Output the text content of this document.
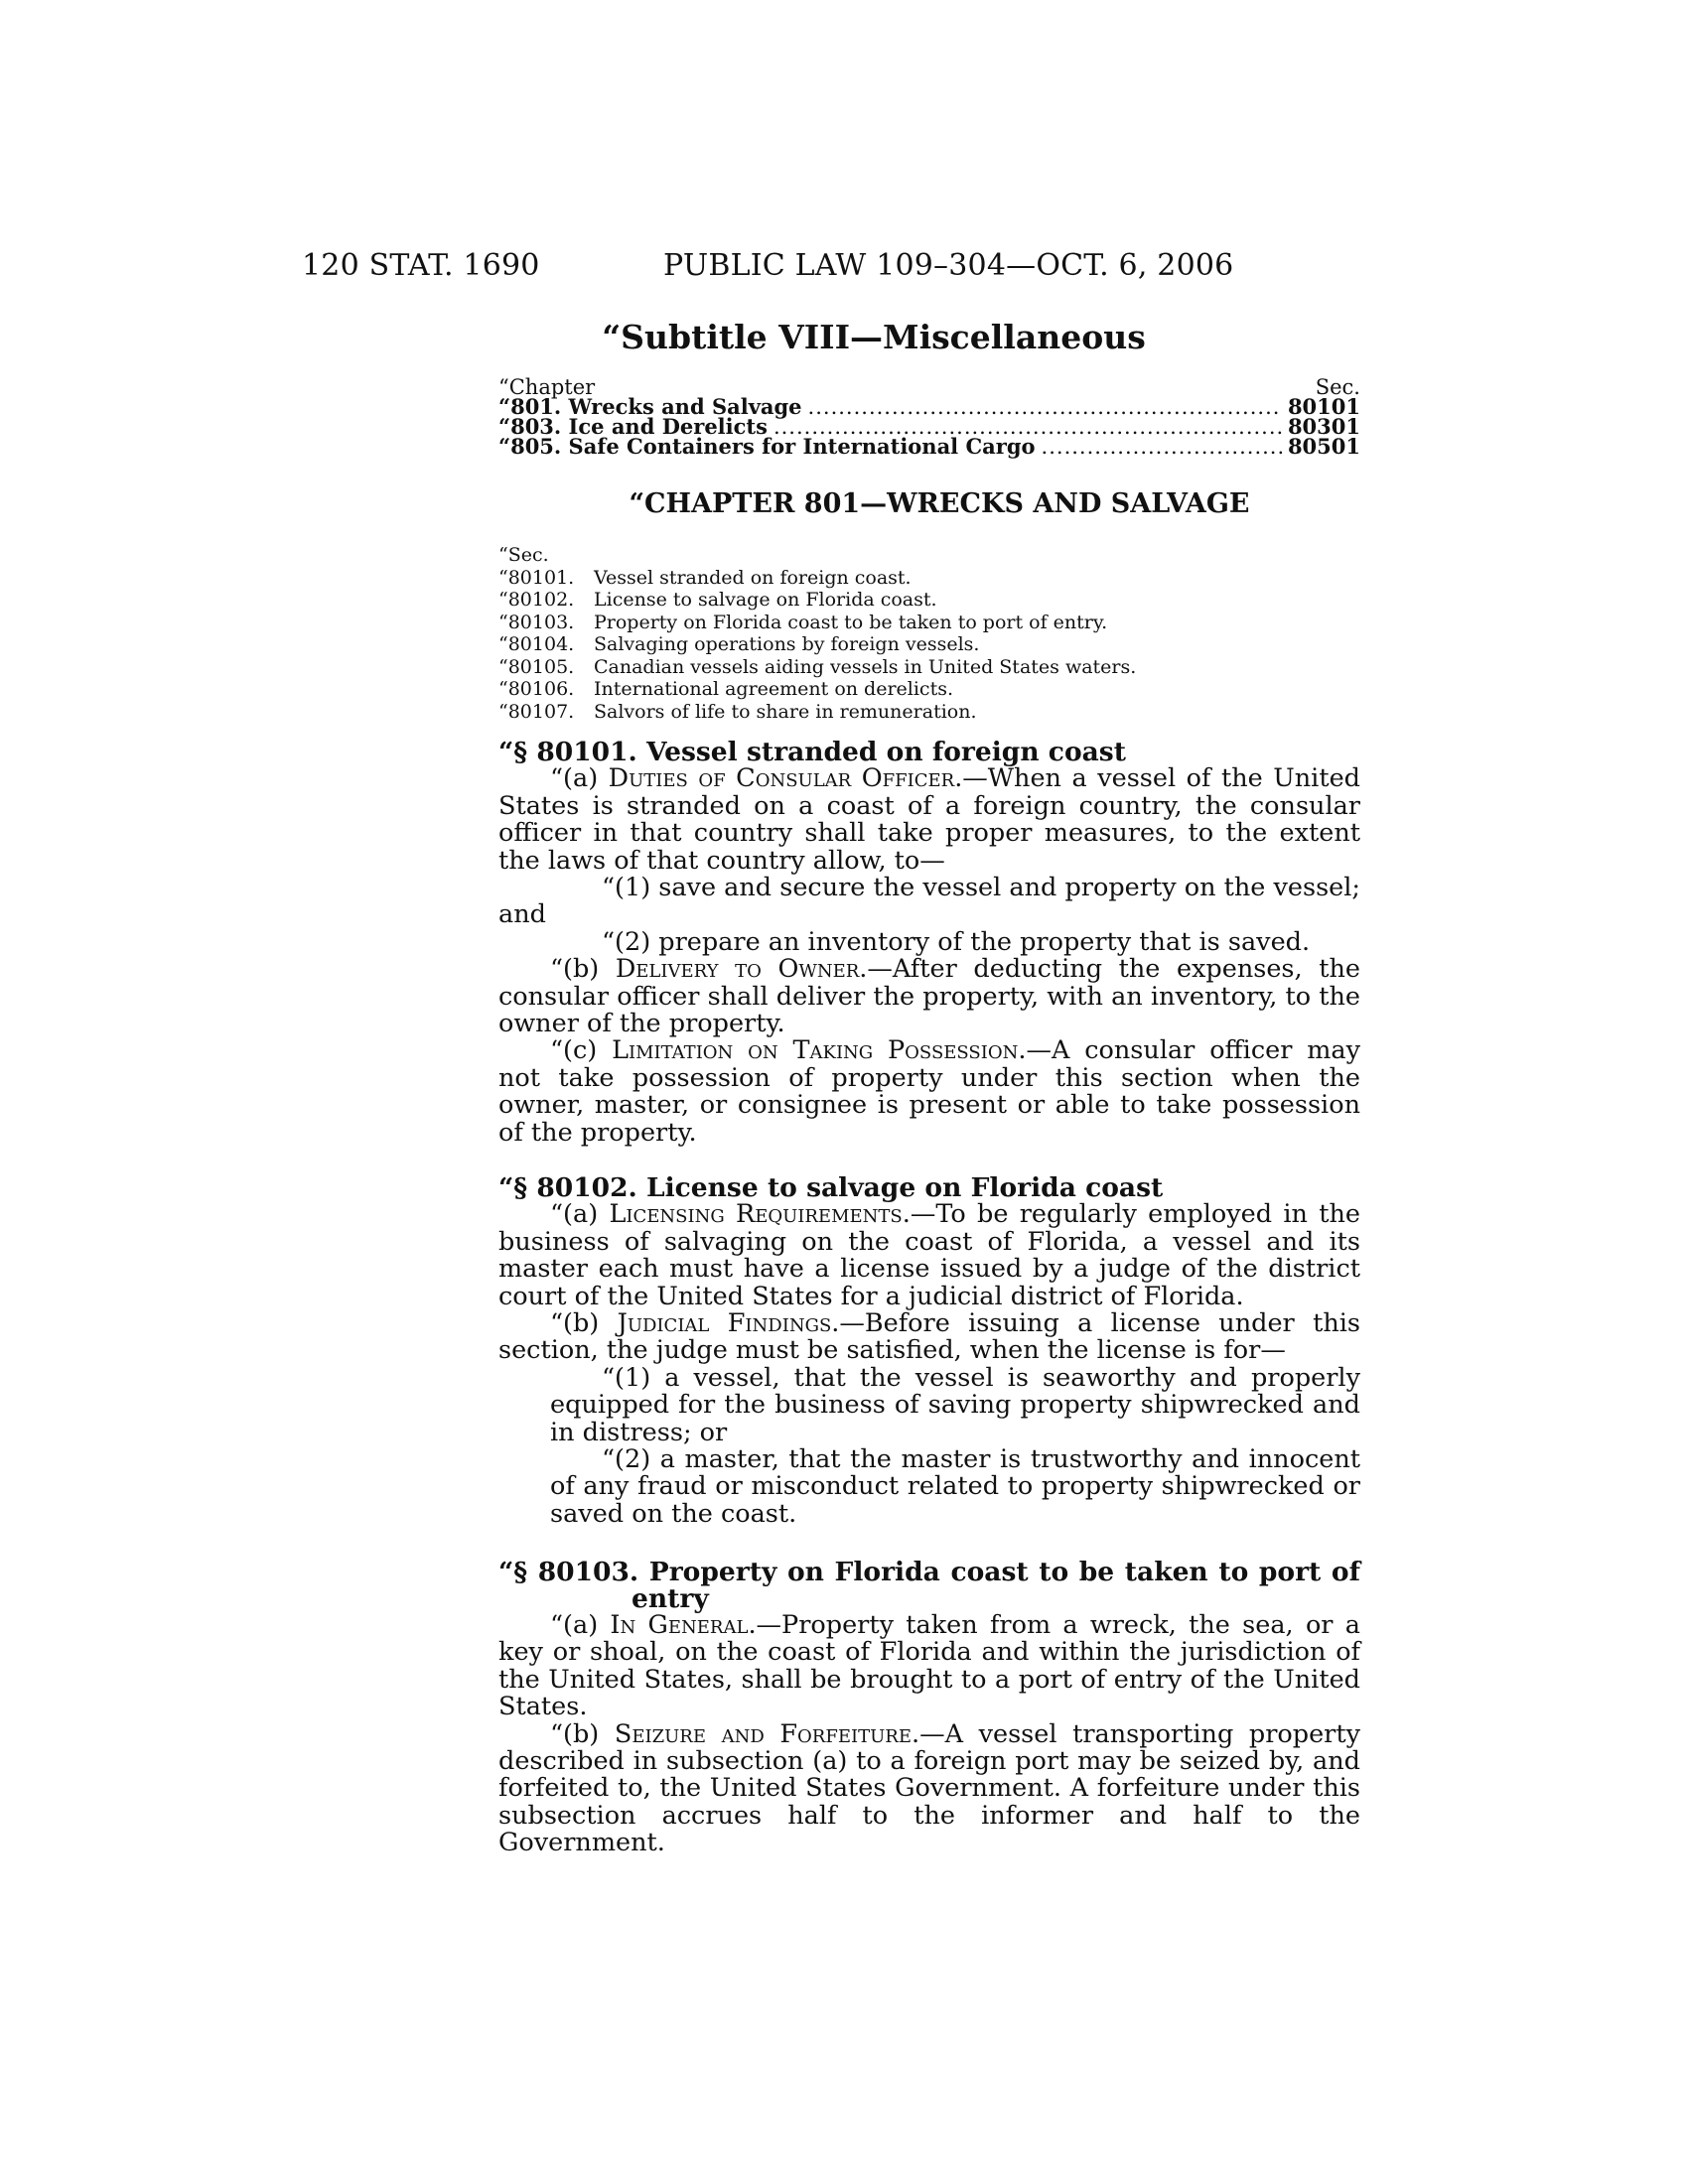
120 STAT. 1690	PUBLIC LAW 109–304—OCT. 6, 2006
“Subtitle VIII—Miscellaneous
“Chapter	Sec.
“801. Wrecks and Salvage .....	80101
“803. Ice and Derelicts .....	80301
“805. Safe Containers for International Cargo .....	80501
“CHAPTER 801—WRECKS AND SALVAGE
“Sec.
“80101.	Vessel stranded on foreign coast.
“80102.	License to salvage on Florida coast.
“80103.	Property on Florida coast to be taken to port of entry.
“80104.	Salvaging operations by foreign vessels.
“80105.	Canadian vessels aiding vessels in United States waters.
“80106.	International agreement on derelicts.
“80107.	Salvors of life to share in remuneration.

“§ 80101. Vessel stranded on foreign coast

“(a) Duties of Consular Officer.—When a vessel of the United States is stranded on a coast of a foreign country, the consular officer in that country shall take proper measures, to the extent the laws of that country allow, to—

“(1) save and secure the vessel and property on the vessel; and

“(2) prepare an inventory of the property that is saved.

“(b) Delivery to Owner.—After deducting the expenses, the consular officer shall deliver the property, with an inventory, to the owner of the property.

“(c) Limitation on Taking Possession.—A consular officer may not take possession of property under this section when the owner, master, or consignee is present or able to take possession of the property.

“§ 80102. License to salvage on Florida coast

“(a) Licensing Requirements.—To be regularly employed in the business of salvaging on the coast of Florida, a vessel and its master each must have a license issued by a judge of the district court of the United States for a judicial district of Florida.

“(b) Judicial Findings.—Before issuing a license under this section, the judge must be satisfied, when the license is for—

“(1) a vessel, that the vessel is seaworthy and properly equipped for the business of saving property shipwrecked and in distress; or

“(2) a master, that the master is trustworthy and innocent of any fraud or misconduct related to property shipwrecked or saved on the coast.

“§ 80103. Property on Florida coast to be taken to port of entry

“(a) In General.—Property taken from a wreck, the sea, or a key or shoal, on the coast of Florida and within the jurisdiction of the United States, shall be brought to a port of entry of the United States.

“(b) Seizure and Forfeiture.—A vessel transporting property described in subsection (a) to a foreign port may be seized by, and forfeited to, the United States Government. A forfeiture under this subsection accrues half to the informer and half to the Government.
